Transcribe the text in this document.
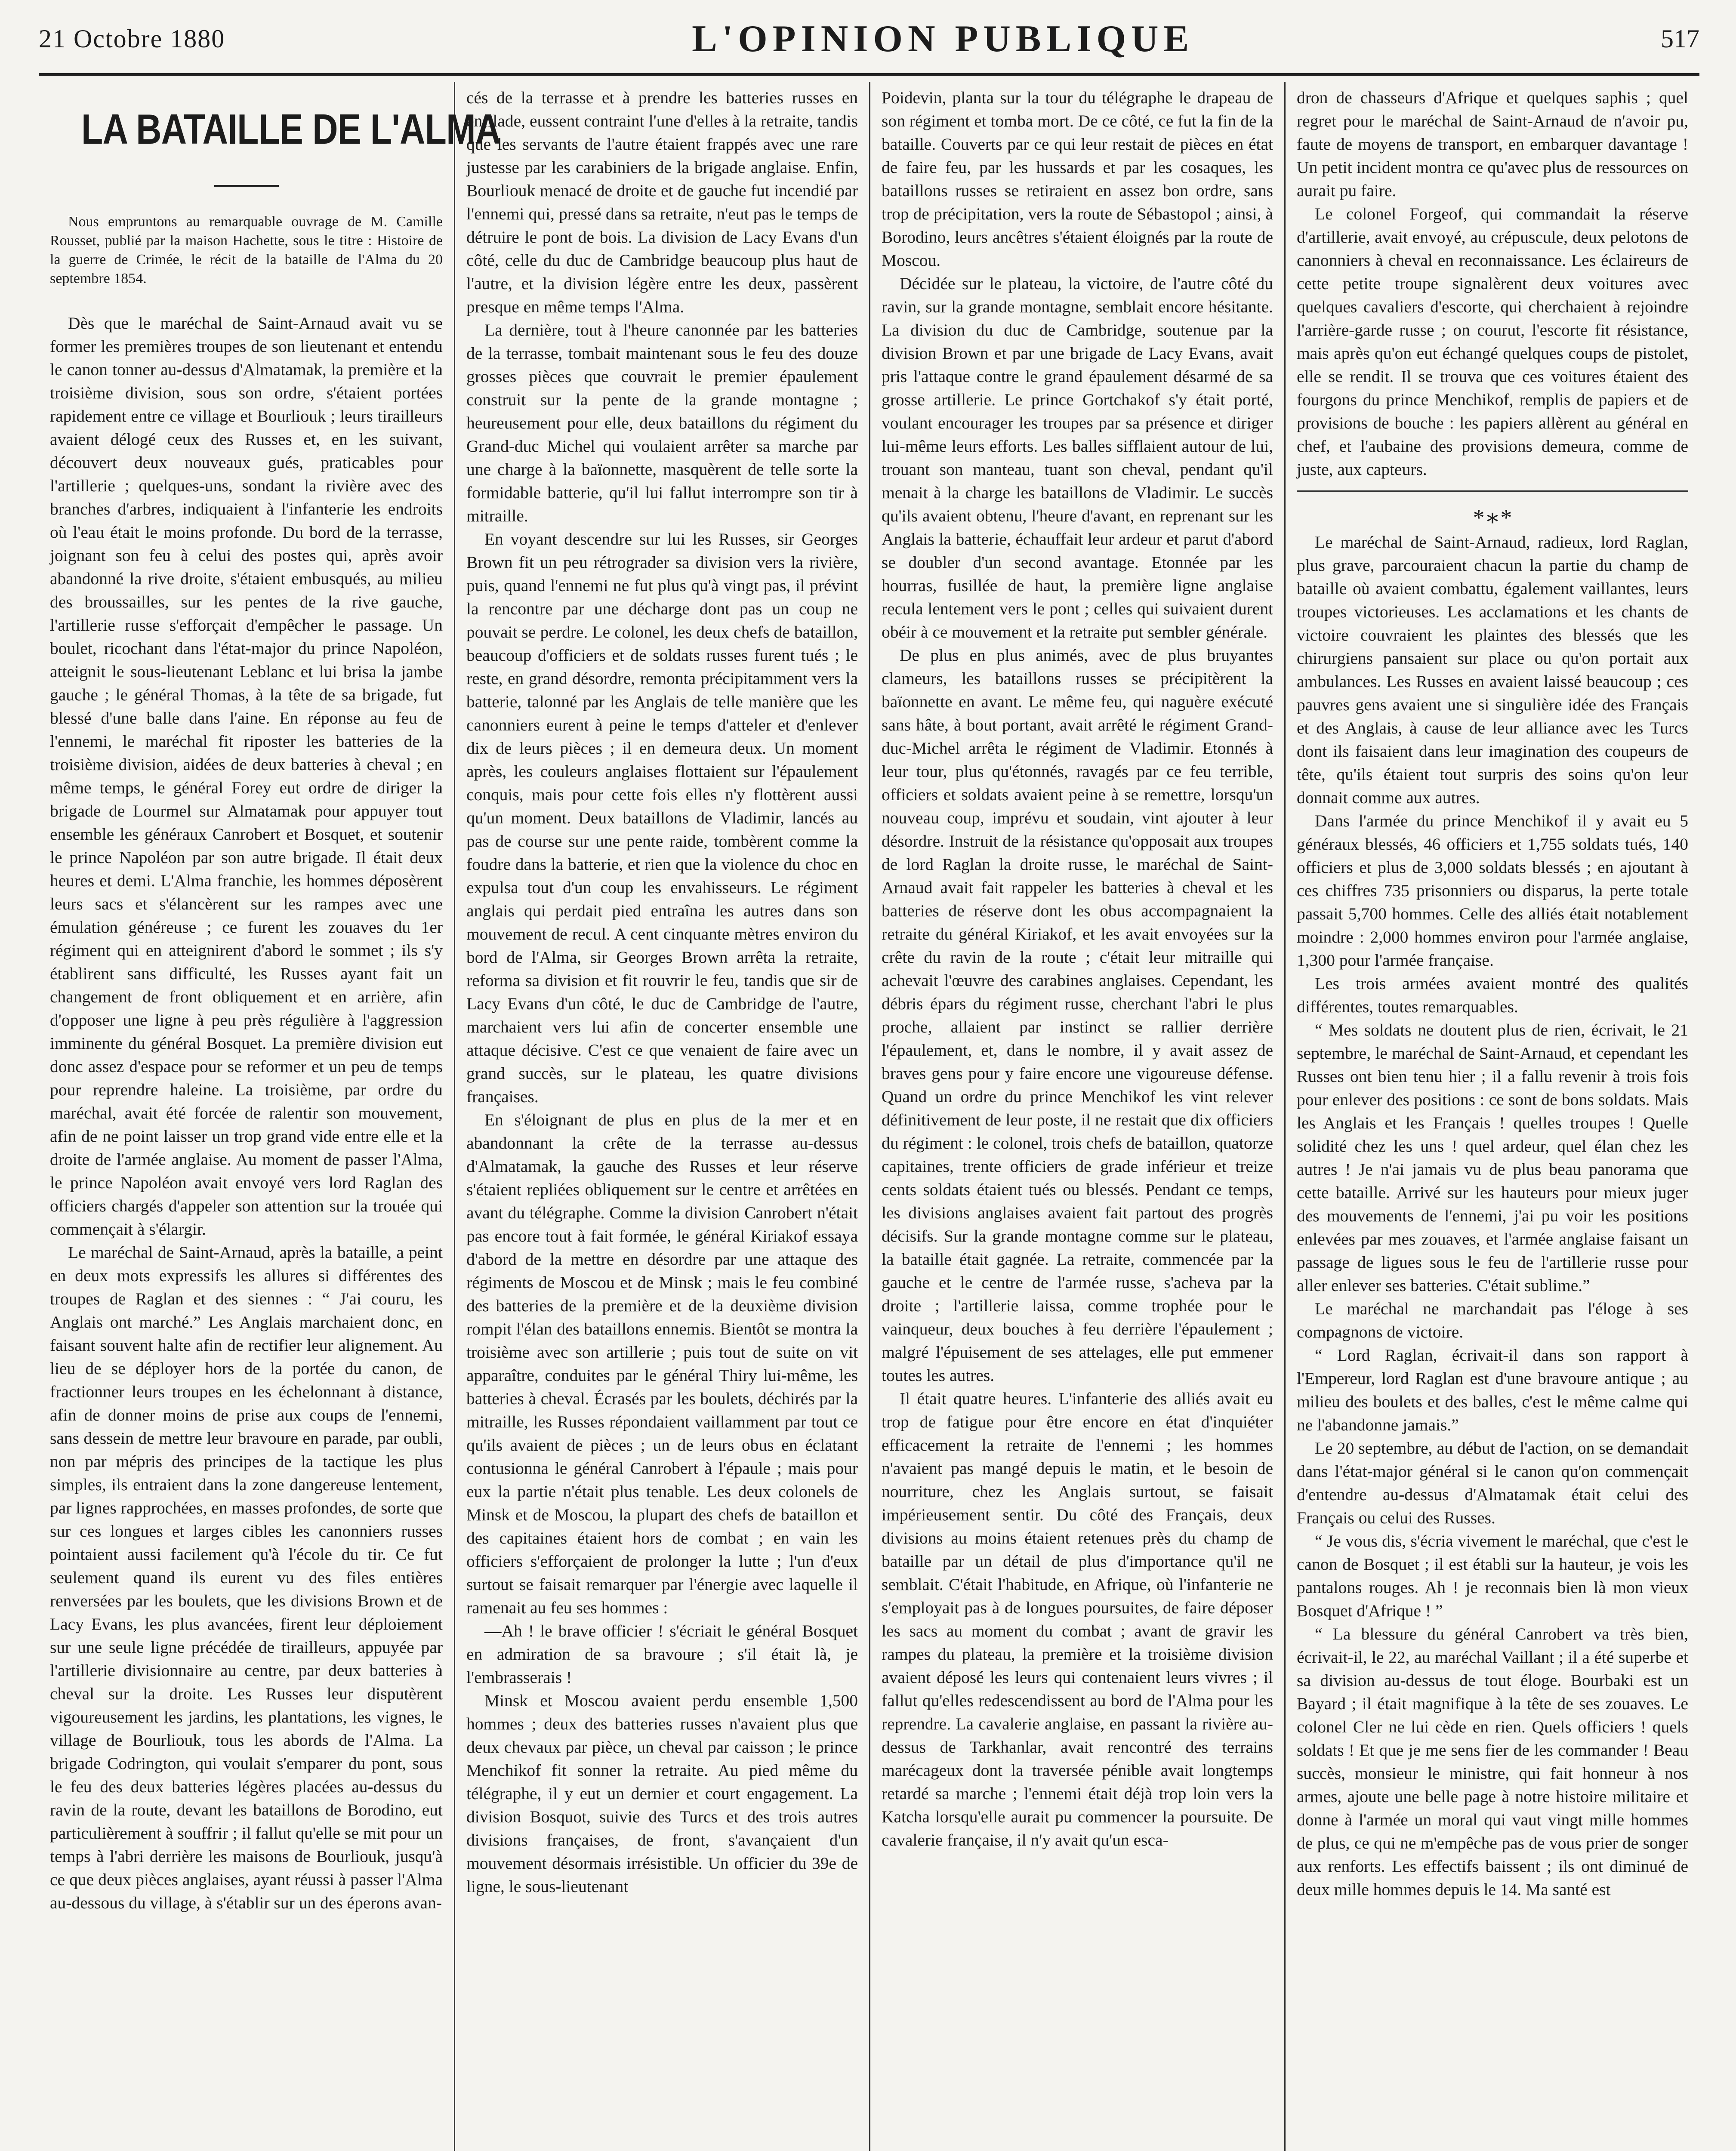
21 Octobre 1880	L'OPINION PUBLIQUE	517
LA BATAILLE DE L'ALMA

Nous empruntons au remarquable ouvrage de M. Camille Rousset, publié par la maison Hachette, sous le titre : Histoire de la guerre de Crimée, le récit de la bataille de l'Alma du 20 septembre 1854.

Dès que le maréchal de Saint-Arnaud avait vu se former les premières troupes de son lieutenant et entendu le canon tonner au-dessus d'Almatamak, la première et la troisième division, sous son ordre, s'étaient portées rapidement entre ce village et Bourliouk ; leurs tirailleurs avaient délogé ceux des Russes et, en les suivant, découvert deux nouveaux gués, praticables pour l'artillerie ; quelques-uns, sondant la rivière avec des branches d'arbres, indiquaient à l'infanterie les endroits où l'eau était le moins profonde. Du bord de la terrasse, joignant son feu à celui des postes qui, après avoir abandonné la rive droite, s'étaient embusqués, au milieu des broussailles, sur les pentes de la rive gauche, l'artillerie russe s'efforçait d'empêcher le passage. Un boulet, ricochant dans l'état-major du prince Napoléon, atteignit le sous-lieutenant Leblanc et lui brisa la jambe gauche ; le général Thomas, à la tête de sa brigade, fut blessé d'une balle dans l'aine. En réponse au feu de l'ennemi, le maréchal fit riposter les batteries de la troisième division, aidées de deux batteries à cheval ; en même temps, le général Forey eut ordre de diriger la brigade de Lourmel sur Almatamak pour appuyer tout ensemble les généraux Canrobert et Bosquet, et soutenir le prince Napoléon par son autre brigade. Il était deux heures et demi. L'Alma franchie, les hommes déposèrent leurs sacs et s'élancèrent sur les rampes avec une émulation généreuse ; ce furent les zouaves du 1er régiment qui en atteignirent d'abord le sommet ; ils s'y établirent sans difficulté, les Russes ayant fait un changement de front obliquement et en arrière, afin d'opposer une ligne à peu près régulière à l'aggression imminente du général Bosquet. La première division eut donc assez d'espace pour se reformer et un peu de temps pour reprendre haleine. La troisième, par ordre du maréchal, avait été forcée de ralentir son mouvement, afin de ne point laisser un trop grand vide entre elle et la droite de l'armée anglaise. Au moment de passer l'Alma, le prince Napoléon avait envoyé vers lord Raglan des officiers chargés d'appeler son attention sur la trouée qui commençait à s'élargir.

Le maréchal de Saint-Arnaud, après la bataille, a peint en deux mots expressifs les allures si différentes des troupes de Raglan et des siennes : “ J'ai couru, les Anglais ont marché.” Les Anglais marchaient donc, en faisant souvent halte afin de rectifier leur alignement. Au lieu de se déployer hors de la portée du canon, de fractionner leurs troupes en les échelonnant à distance, afin de donner moins de prise aux coups de l'ennemi, sans dessein de mettre leur bravoure en parade, par oubli, non par mépris des principes de la tactique les plus simples, ils entraient dans la zone dangereuse lentement, par lignes rapprochées, en masses profondes, de sorte que sur ces longues et larges cibles les canonniers russes pointaient aussi facilement qu'à l'école du tir. Ce fut seulement quand ils eurent vu des files entières renversées par les boulets, que les divisions Brown et de Lacy Evans, les plus avancées, firent leur déploiement sur une seule ligne précédée de tirailleurs, appuyée par l'artillerie divisionnaire au centre, par deux batteries à cheval sur la droite. Les Russes leur disputèrent vigoureusement les jardins, les plantations, les vignes, le village de Bourliouk, tous les abords de l'Alma. La brigade Codrington, qui voulait s'emparer du pont, sous le feu des deux batteries légères placées au-dessus du ravin de la route, devant les bataillons de Borodino, eut particulièrement à souffrir ; il fallut qu'elle se mit pour un temps à l'abri derrière les maisons de Bourliouk, jusqu'à ce que deux pièces anglaises, ayant réussi à passer l'Alma au-dessous du village, à s'établir sur un des éperons avan-

cés de la terrasse et à prendre les batteries russes en enfilade, eussent contraint l'une d'elles à la retraite, tandis que les servants de l'autre étaient frappés avec une rare justesse par les carabiniers de la brigade anglaise. Enfin, Bourliouk menacé de droite et de gauche fut incendié par l'ennemi qui, pressé dans sa retraite, n'eut pas le temps de détruire le pont de bois. La division de Lacy Evans d'un côté, celle du duc de Cambridge beaucoup plus haut de l'autre, et la division légère entre les deux, passèrent presque en même temps l'Alma.

La dernière, tout à l'heure canonnée par les batteries de la terrasse, tombait maintenant sous le feu des douze grosses pièces que couvrait le premier épaulement construit sur la pente de la grande montagne ; heureusement pour elle, deux bataillons du régiment du Grand-duc Michel qui voulaient arrêter sa marche par une charge à la baïonnette, masquèrent de telle sorte la formidable batterie, qu'il lui fallut interrompre son tir à mitraille.

En voyant descendre sur lui les Russes, sir Georges Brown fit un peu rétrograder sa division vers la rivière, puis, quand l'ennemi ne fut plus qu'à vingt pas, il prévint la rencontre par une décharge dont pas un coup ne pouvait se perdre. Le colonel, les deux chefs de bataillon, beaucoup d'officiers et de soldats russes furent tués ; le reste, en grand désordre, remonta précipitamment vers la batterie, talonné par les Anglais de telle manière que les canonniers eurent à peine le temps d'atteler et d'enlever dix de leurs pièces ; il en demeura deux. Un moment après, les couleurs anglaises flottaient sur l'épaulement conquis, mais pour cette fois elles n'y flottèrent aussi qu'un moment. Deux bataillons de Vladimir, lancés au pas de course sur une pente raide, tombèrent comme la foudre dans la batterie, et rien que la violence du choc en expulsa tout d'un coup les envahisseurs. Le régiment anglais qui perdait pied entraîna les autres dans son mouvement de recul. A cent cinquante mètres environ du bord de l'Alma, sir Georges Brown arrêta la retraite, reforma sa division et fit rouvrir le feu, tandis que sir de Lacy Evans d'un côté, le duc de Cambridge de l'autre, marchaient vers lui afin de concerter ensemble une attaque décisive. C'est ce que venaient de faire avec un grand succès, sur le plateau, les quatre divisions françaises.

En s'éloignant de plus en plus de la mer et en abandonnant la crête de la terrasse au-dessus d'Almatamak, la gauche des Russes et leur réserve s'étaient repliées obliquement sur le centre et arrêtées en avant du télégraphe. Comme la division Canrobert n'était pas encore tout à fait formée, le général Kiriakof essaya d'abord de la mettre en désordre par une attaque des régiments de Moscou et de Minsk ; mais le feu combiné des batteries de la première et de la deuxième division rompit l'élan des bataillons ennemis. Bientôt se montra la troisième avec son artillerie ; puis tout de suite on vit apparaître, conduites par le général Thiry lui-même, les batteries à cheval. Écrasés par les boulets, déchirés par la mitraille, les Russes répondaient vaillamment par tout ce qu'ils avaient de pièces ; un de leurs obus en éclatant contusionna le général Canrobert à l'épaule ; mais pour eux la partie n'était plus tenable. Les deux colonels de Minsk et de Moscou, la plupart des chefs de bataillon et des capitaines étaient hors de combat ; en vain les officiers s'efforçaient de prolonger la lutte ; l'un d'eux surtout se faisait remarquer par l'énergie avec laquelle il ramenait au feu ses hommes :

—Ah ! le brave officier ! s'écriait le général Bosquet en admiration de sa bravoure ; s'il était là, je l'embrasserais !

Minsk et Moscou avaient perdu ensemble 1,500 hommes ; deux des batteries russes n'avaient plus que deux chevaux par pièce, un cheval par caisson ; le prince Menchikof fit sonner la retraite. Au pied même du télégraphe, il y eut un dernier et court engagement. La division Bosquot, suivie des Turcs et des trois autres divisions françaises, de front, s'avançaient d'un mouvement désormais irrésistible. Un officier du 39e de ligne, le sous-lieutenant

Poidevin, planta sur la tour du télégraphe le drapeau de son régiment et tomba mort. De ce côté, ce fut la fin de la bataille. Couverts par ce qui leur restait de pièces en état de faire feu, par les hussards et par les cosaques, les bataillons russes se retiraient en assez bon ordre, sans trop de précipitation, vers la route de Sébastopol ; ainsi, à Borodino, leurs ancêtres s'étaient éloignés par la route de Moscou.

Décidée sur le plateau, la victoire, de l'autre côté du ravin, sur la grande montagne, semblait encore hésitante. La division du duc de Cambridge, soutenue par la division Brown et par une brigade de Lacy Evans, avait pris l'attaque contre le grand épaulement désarmé de sa grosse artillerie. Le prince Gortchakof s'y était porté, voulant encourager les troupes par sa présence et diriger lui-même leurs efforts. Les balles sifflaient autour de lui, trouant son manteau, tuant son cheval, pendant qu'il menait à la charge les bataillons de Vladimir. Le succès qu'ils avaient obtenu, l'heure d'avant, en reprenant sur les Anglais la batterie, échauffait leur ardeur et parut d'abord se doubler d'un second avantage. Etonnée par les hourras, fusillée de haut, la première ligne anglaise recula lentement vers le pont ; celles qui suivaient durent obéir à ce mouvement et la retraite put sembler générale.

De plus en plus animés, avec de plus bruyantes clameurs, les bataillons russes se précipitèrent la baïonnette en avant. Le même feu, qui naguère exécuté sans hâte, à bout portant, avait arrêté le régiment Grand-duc-Michel arrêta le régiment de Vladimir. Etonnés à leur tour, plus qu'étonnés, ravagés par ce feu terrible, officiers et soldats avaient peine à se remettre, lorsqu'un nouveau coup, imprévu et soudain, vint ajouter à leur désordre. Instruit de la résistance qu'opposait aux troupes de lord Raglan la droite russe, le maréchal de Saint-Arnaud avait fait rappeler les batteries à cheval et les batteries de réserve dont les obus accompagnaient la retraite du général Kiriakof, et les avait envoyées sur la crête du ravin de la route ; c'était leur mitraille qui achevait l'œuvre des carabines anglaises. Cependant, les débris épars du régiment russe, cherchant l'abri le plus proche, allaient par instinct se rallier derrière l'épaulement, et, dans le nombre, il y avait assez de braves gens pour y faire encore une vigoureuse défense. Quand un ordre du prince Menchikof les vint relever définitivement de leur poste, il ne restait que dix officiers du régiment : le colonel, trois chefs de bataillon, quatorze capitaines, trente officiers de grade inférieur et treize cents soldats étaient tués ou blessés. Pendant ce temps, les divisions anglaises avaient fait partout des progrès décisifs. Sur la grande montagne comme sur le plateau, la bataille était gagnée. La retraite, commencée par la gauche et le centre de l'armée russe, s'acheva par la droite ; l'artillerie laissa, comme trophée pour le vainqueur, deux bouches à feu derrière l'épaulement ; malgré l'épuisement de ses attelages, elle put emmener toutes les autres.

Il était quatre heures. L'infanterie des alliés avait eu trop de fatigue pour être encore en état d'inquiéter efficacement la retraite de l'ennemi ; les hommes n'avaient pas mangé depuis le matin, et le besoin de nourriture, chez les Anglais surtout, se faisait impérieusement sentir. Du côté des Français, deux divisions au moins étaient retenues près du champ de bataille par un détail de plus d'importance qu'il ne semblait. C'était l'habitude, en Afrique, où l'infanterie ne s'employait pas à de longues poursuites, de faire déposer les sacs au moment du combat ; avant de gravir les rampes du plateau, la première et la troisième division avaient déposé les leurs qui contenaient leurs vivres ; il fallut qu'elles redescendissent au bord de l'Alma pour les reprendre. La cavalerie anglaise, en passant la rivière au-dessus de Tarkhanlar, avait rencontré des terrains marécageux dont la traversée pénible avait longtemps retardé sa marche ; l'ennemi était déjà trop loin vers la Katcha lorsqu'elle aurait pu commencer la poursuite. De cavalerie française, il n'y avait qu'un esca-

dron de chasseurs d'Afrique et quelques saphis ; quel regret pour le maréchal de Saint-Arnaud de n'avoir pu, faute de moyens de transport, en embarquer davantage ! Un petit incident montra ce qu'avec plus de ressources on aurait pu faire.

Le colonel Forgeof, qui commandait la réserve d'artillerie, avait envoyé, au crépuscule, deux pelotons de canonniers à cheval en reconnaissance. Les éclaireurs de cette petite troupe signalèrent deux voitures avec quelques cavaliers d'escorte, qui cherchaient à rejoindre l'arrière-garde russe ; on courut, l'escorte fit résistance, mais après qu'on eut échangé quelques coups de pistolet, elle se rendit. Il se trouva que ces voitures étaient des fourgons du prince Menchikof, remplis de papiers et de provisions de bouche : les papiers allèrent au général en chef, et l'aubaine des provisions demeura, comme de juste, aux capteurs.

*∗*

Le maréchal de Saint-Arnaud, radieux, lord Raglan, plus grave, parcouraient chacun la partie du champ de bataille où avaient combattu, également vaillantes, leurs troupes victorieuses. Les acclamations et les chants de victoire couvraient les plaintes des blessés que les chirurgiens pansaient sur place ou qu'on portait aux ambulances. Les Russes en avaient laissé beaucoup ; ces pauvres gens avaient une si singulière idée des Français et des Anglais, à cause de leur alliance avec les Turcs dont ils faisaient dans leur imagination des coupeurs de tête, qu'ils étaient tout surpris des soins qu'on leur donnait comme aux autres.

Dans l'armée du prince Menchikof il y avait eu 5 généraux blessés, 46 officiers et 1,755 soldats tués, 140 officiers et plus de 3,000 soldats blessés ; en ajoutant à ces chiffres 735 prisonniers ou disparus, la perte totale passait 5,700 hommes. Celle des alliés était notablement moindre : 2,000 hommes environ pour l'armée anglaise, 1,300 pour l'armée française.

Les trois armées avaient montré des qualités différentes, toutes remarquables.

“ Mes soldats ne doutent plus de rien, écrivait, le 21 septembre, le maréchal de Saint-Arnaud, et cependant les Russes ont bien tenu hier ; il a fallu revenir à trois fois pour enlever des positions : ce sont de bons soldats. Mais les Anglais et les Français ! quelles troupes ! Quelle solidité chez les uns ! quel ardeur, quel élan chez les autres ! Je n'ai jamais vu de plus beau panorama que cette bataille. Arrivé sur les hauteurs pour mieux juger des mouvements de l'ennemi, j'ai pu voir les positions enlevées par mes zouaves, et l'armée anglaise faisant un passage de ligues sous le feu de l'artillerie russe pour aller enlever ses batteries. C'était sublime.”

Le maréchal ne marchandait pas l'éloge à ses compagnons de victoire.

“ Lord Raglan, écrivait-il dans son rapport à l'Empereur, lord Raglan est d'une bravoure antique ; au milieu des boulets et des balles, c'est le même calme qui ne l'abandonne jamais.”

Le 20 septembre, au début de l'action, on se demandait dans l'état-major général si le canon qu'on commençait d'entendre au-dessus d'Almatamak était celui des Français ou celui des Russes.

“ Je vous dis, s'écria vivement le maréchal, que c'est le canon de Bosquet ; il est établi sur la hauteur, je vois les pantalons rouges. Ah ! je reconnais bien là mon vieux Bosquet d'Afrique ! ”

“ La blessure du général Canrobert va très bien, écrivait-il, le 22, au maréchal Vaillant ; il a été superbe et sa division au-dessus de tout éloge. Bourbaki est un Bayard ; il était magnifique à la tête de ses zouaves. Le colonel Cler ne lui cède en rien. Quels officiers ! quels soldats ! Et que je me sens fier de les commander ! Beau succès, monsieur le ministre, qui fait honneur à nos armes, ajoute une belle page à notre histoire militaire et donne à l'armée un moral qui vaut vingt mille hommes de plus, ce qui ne m'empêche pas de vous prier de songer aux renforts. Les effectifs baissent ; ils ont diminué de deux mille hommes depuis le 14. Ma santé est
